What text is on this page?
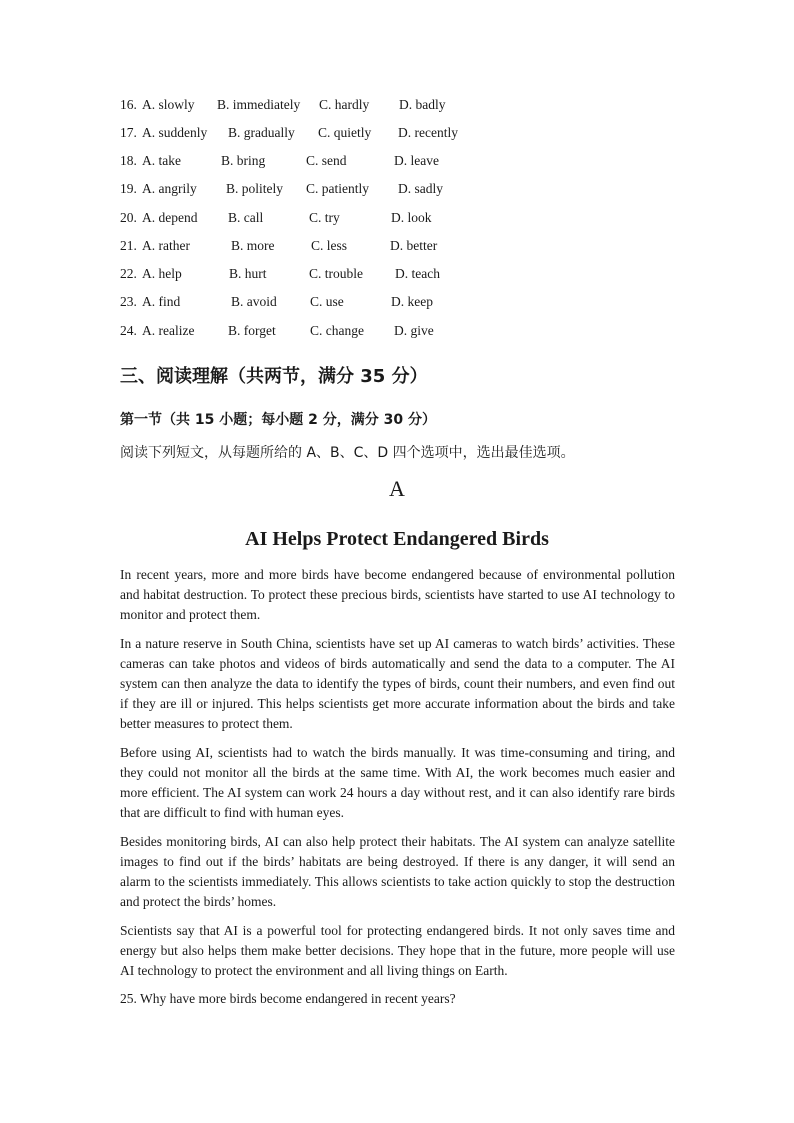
16. A. slowly B. immediately C. hardly D. badly
17. A. suddenly B. gradually C. quietly D. recently
18. A. take	B. bring	C. send	D. leave
19. A. angrily B. politely C. patiently D. sadly
20. A. depend B. call	C. try	D. look
21. A. rather	B. more	C. less	D. better
22. A. help	B. hurt	C. trouble D. teach
23. A. find	B. avoid C. use	D. keep
24. A. realize B. forget	C. change D. give
三、阅读理解（共两节，满分 35 分）
第一节（共 15 小题；每小题 2 分，满分 30 分）
阅读下列短文，从每题所给的 A、B、C、D 四个选项中，选出最佳选项。
A
AI Helps Protect Endangered Birds
In recent years, more and more birds have become endangered because of environmental pollution and habitat destruction. To protect these precious birds, scientists have started to use AI technology to monitor and protect them.
In a nature reserve in South China, scientists have set up AI cameras to watch birds’ activities. These cameras can take photos and videos of birds automatically and send the data to a computer. The AI system can then analyze the data to identify the types of birds, count their numbers, and even find out if they are ill or injured. This helps scientists get more accurate information about the birds and take better measures to protect them.
Before using AI, scientists had to watch the birds manually. It was time-consuming and tiring, and they could not monitor all the birds at the same time. With AI, the work becomes much easier and more efficient. The AI system can work 24 hours a day without rest, and it can also identify rare birds that are difficult to find with human eyes.
Besides monitoring birds, AI can also help protect their habitats. The AI system can analyze satellite images to find out if the birds’ habitats are being destroyed. If there is any danger, it will send an alarm to the scientists immediately. This allows scientists to take action quickly to stop the destruction and protect the birds’ homes.
Scientists say that AI is a powerful tool for protecting endangered birds. It not only saves time and energy but also helps them make better decisions. They hope that in the future, more people will use AI technology to protect the environment and all living things on Earth.
25. Why have more birds become endangered in recent years?
